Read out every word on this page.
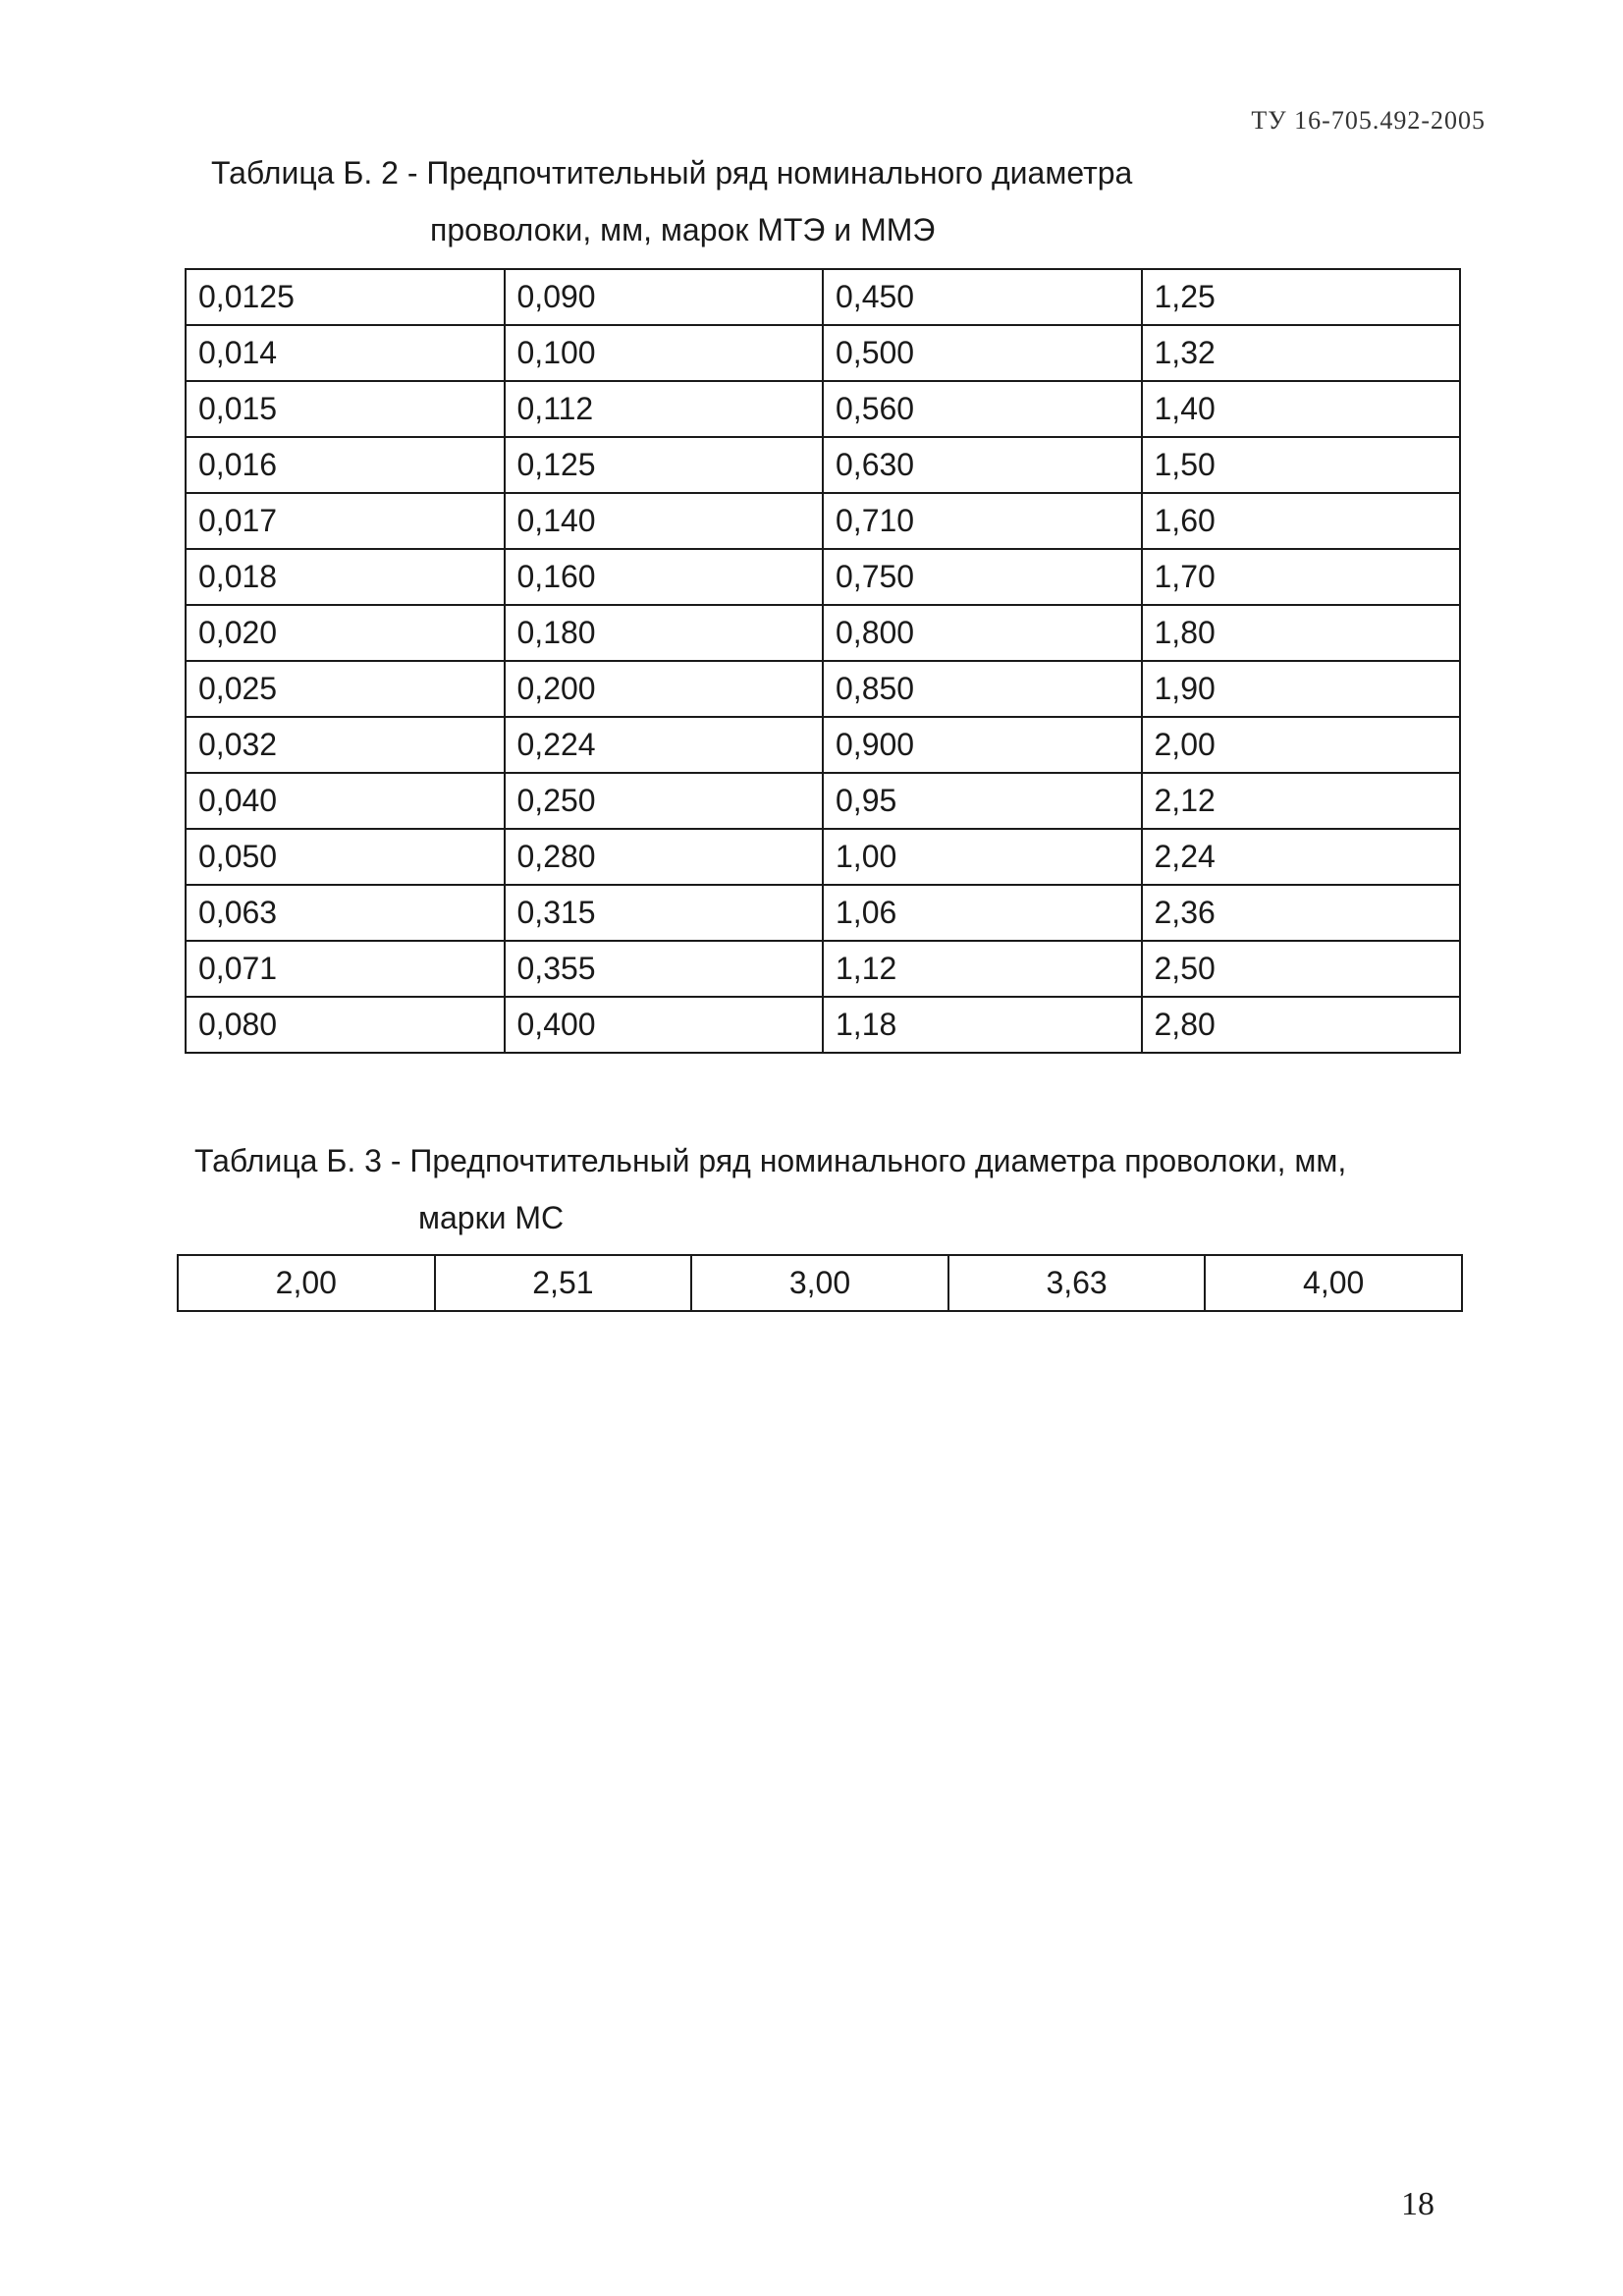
ТУ 16-705.492-2005
Таблица Б. 2 - Предпочтительный ряд номинального диаметра
проволоки, мм, марок МТЭ и ММЭ
0,0125	0,090	0,450	1,25
0,014	0,100	0,500	1,32
0,015	0,112	0,560	1,40
0,016	0,125	0,630	1,50
0,017	0,140	0,710	1,60
0,018	0,160	0,750	1,70
0,020	0,180	0,800	1,80
0,025	0,200	0,850	1,90
0,032	0,224	0,900	2,00
0,040	0,250	0,95	2,12
0,050	0,280	1,00	2,24
0,063	0,315	1,06	2,36
0,071	0,355	1,12	2,50
0,080	0,400	1,18	2,80
Таблица Б. 3 - Предпочтительный ряд номинального диаметра проволоки, мм,
марки МС
2,00	2,51	3,00	3,63	4,00
18
